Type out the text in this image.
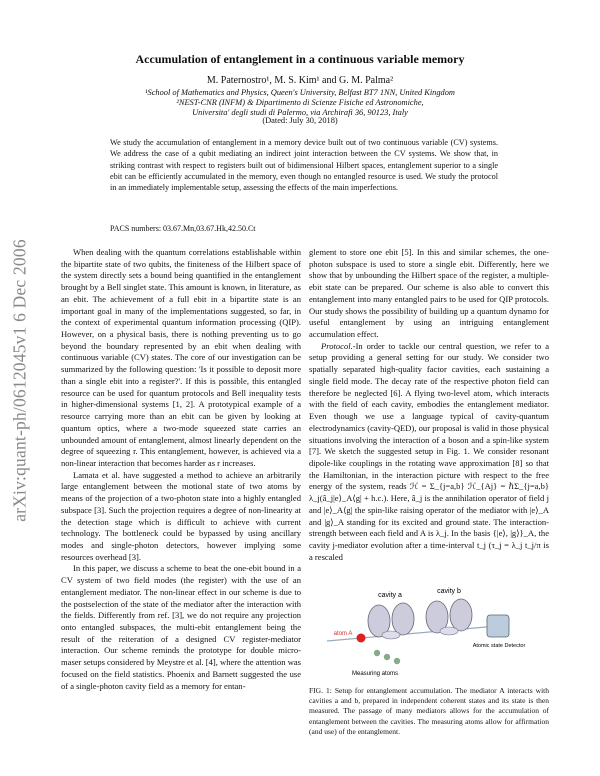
arXiv:quant-ph/0612045v1 6 Dec 2006
Accumulation of entanglement in a continuous variable memory
M. Paternostro¹, M. S. Kim¹ and G. M. Palma²
¹School of Mathematics and Physics, Queen's University, Belfast BT7 1NN, United Kingdom
²NEST-CNR (INFM) & Dipartimento di Scienze Fisiche ed Astronomiche,
Universita' degli studi di Palermo, via Archirafi 36, 90123, Italy
(Dated: July 30, 2018)
We study the accumulation of entanglement in a memory device built out of two continuous variable (CV) systems. We address the case of a qubit mediating an indirect joint interaction between the CV systems. We show that, in striking contrast with respect to registers built out of bidimensional Hilbert spaces, entanglement superior to a single ebit can be efficiently accumulated in the memory, even though no entangled resource is used. We study the protocol in an immediately implementable setup, assessing the effects of the main imperfections.
PACS numbers: 03.67.Mn,03.67.Hk,42.50.Ct

When dealing with the quantum correlations establishable within the bipartite state of two qubits, the finiteness of the Hilbert space of the system directly sets a bound being quantified in the entanglement brought by a Bell singlet state. This amount is known, in literature, as an ebit. The achievement of a full ebit in a bipartite state is an important goal in many of the implementations suggested, so far, in the context of experimental quantum information processing (QIP). However, on a physical basis, there is nothing preventing us to go beyond the boundary represented by an ebit when dealing with continuous variable (CV) states. The core of our investigation can be summarized by the following question: 'Is it possible to deposit more than a single ebit into a register?'. If this is possible, this entangled resource can be used for quantum protocols and Bell inequality tests in higher-dimensional systems [1, 2]. A prototypical example of a resource carrying more than an ebit can be given by looking at quantum optics, where a two-mode squeezed state carries an unbounded amount of entanglement, almost linearly dependent on the degree of squeezing r. This entanglement, however, is achieved via a non-linear interaction that becomes harder as r increases.

Lamata et al. have suggested a method to achieve an arbitrarily large entanglement between the motional state of two atoms by means of the projection of a two-photon state into a highly entangled subspace [3]. Such the projection requires a degree of non-linearity at the detection stage which is difficult to achieve with current technology. The bottleneck could be bypassed by using ancillary modes and single-photon detectors, however implying some resources overhead [3].

In this paper, we discuss a scheme to beat the one-ebit bound in a CV system of two field modes (the register) with the use of an entanglement mediator. The non-linear effect in our scheme is due to the postselection of the state of the mediator after the interaction with the fields. Differently from ref. [3], we do not require any projection onto entangled subspaces, the multi-ebit entanglement being the result of the reiteration of a designed CV register-mediator interaction. Our scheme reminds the prototype for double micro-maser setups considered by Meystre et al. [4], where the attention was focused on the field statistics. Phoenix and Barnett suggested the use of a single-photon cavity field as a memory for entan-

glement to store one ebit [5]. In this and similar schemes, the one-photon subspace is used to store a single ebit. Differently, here we show that by unbounding the Hilbert space of the register, a multiple-ebit state can be prepared. Our scheme is also able to convert this entanglement into many entangled pairs to be used for QIP protocols. Our study shows the possibility of building up a quantum dynamo for useful entanglement by using an intriguing entanglement accumulation effect.

Protocol.-In order to tackle our central question, we refer to a setup providing a general setting for our study. We consider two spatially separated high-quality factor cavities, each sustaining a single field mode. The decay rate of the respective photon field can therefore be neglected [6]. A flying two-level atom, which interacts with the field of each cavity, embodies the entanglement mediator. Even though we use a language typical of cavity-quantum electrodynamics (cavity-QED), our proposal is valid in those physical situations involving the interaction of a boson and a spin-like system [7]. We sketch the suggested setup in Fig. 1. We consider resonant dipole-like couplings in the rotating wave approximation [8] so that the Hamiltonian, in the interaction picture with respect to the free energy of the system, reads ℋ = Σ_{j=a,b} ℋ_{Aj} = ℏΣ_{j=a,b} λ_j(â_j|e⟩_A⟨g| + h.c.). Here, â_j is the annihilation operator of field j and |e⟩_A⟨g| the spin-like raising operator of the mediator with |e⟩_A and |g⟩_A standing for its excited and ground state. The interaction-strength between each field and A is λ_j. In the basis {|e⟩, |g⟩}_A, the cavity j-mediator evolution after a time-interval t_j (τ_j = λ_j t_j/π is a rescaled

cavity a
cavity b
atom A
Measuring atoms
Atomic state Detector
FIG. 1: Setup for entanglement accumulation. The mediator A interacts with cavities a and b, prepared in independent coherent states and its state is then measured. The passage of many mediators allows for the accumulation of entanglement between the cavities. The measuring atoms allow for affirmation (and use) of the entanglement.
